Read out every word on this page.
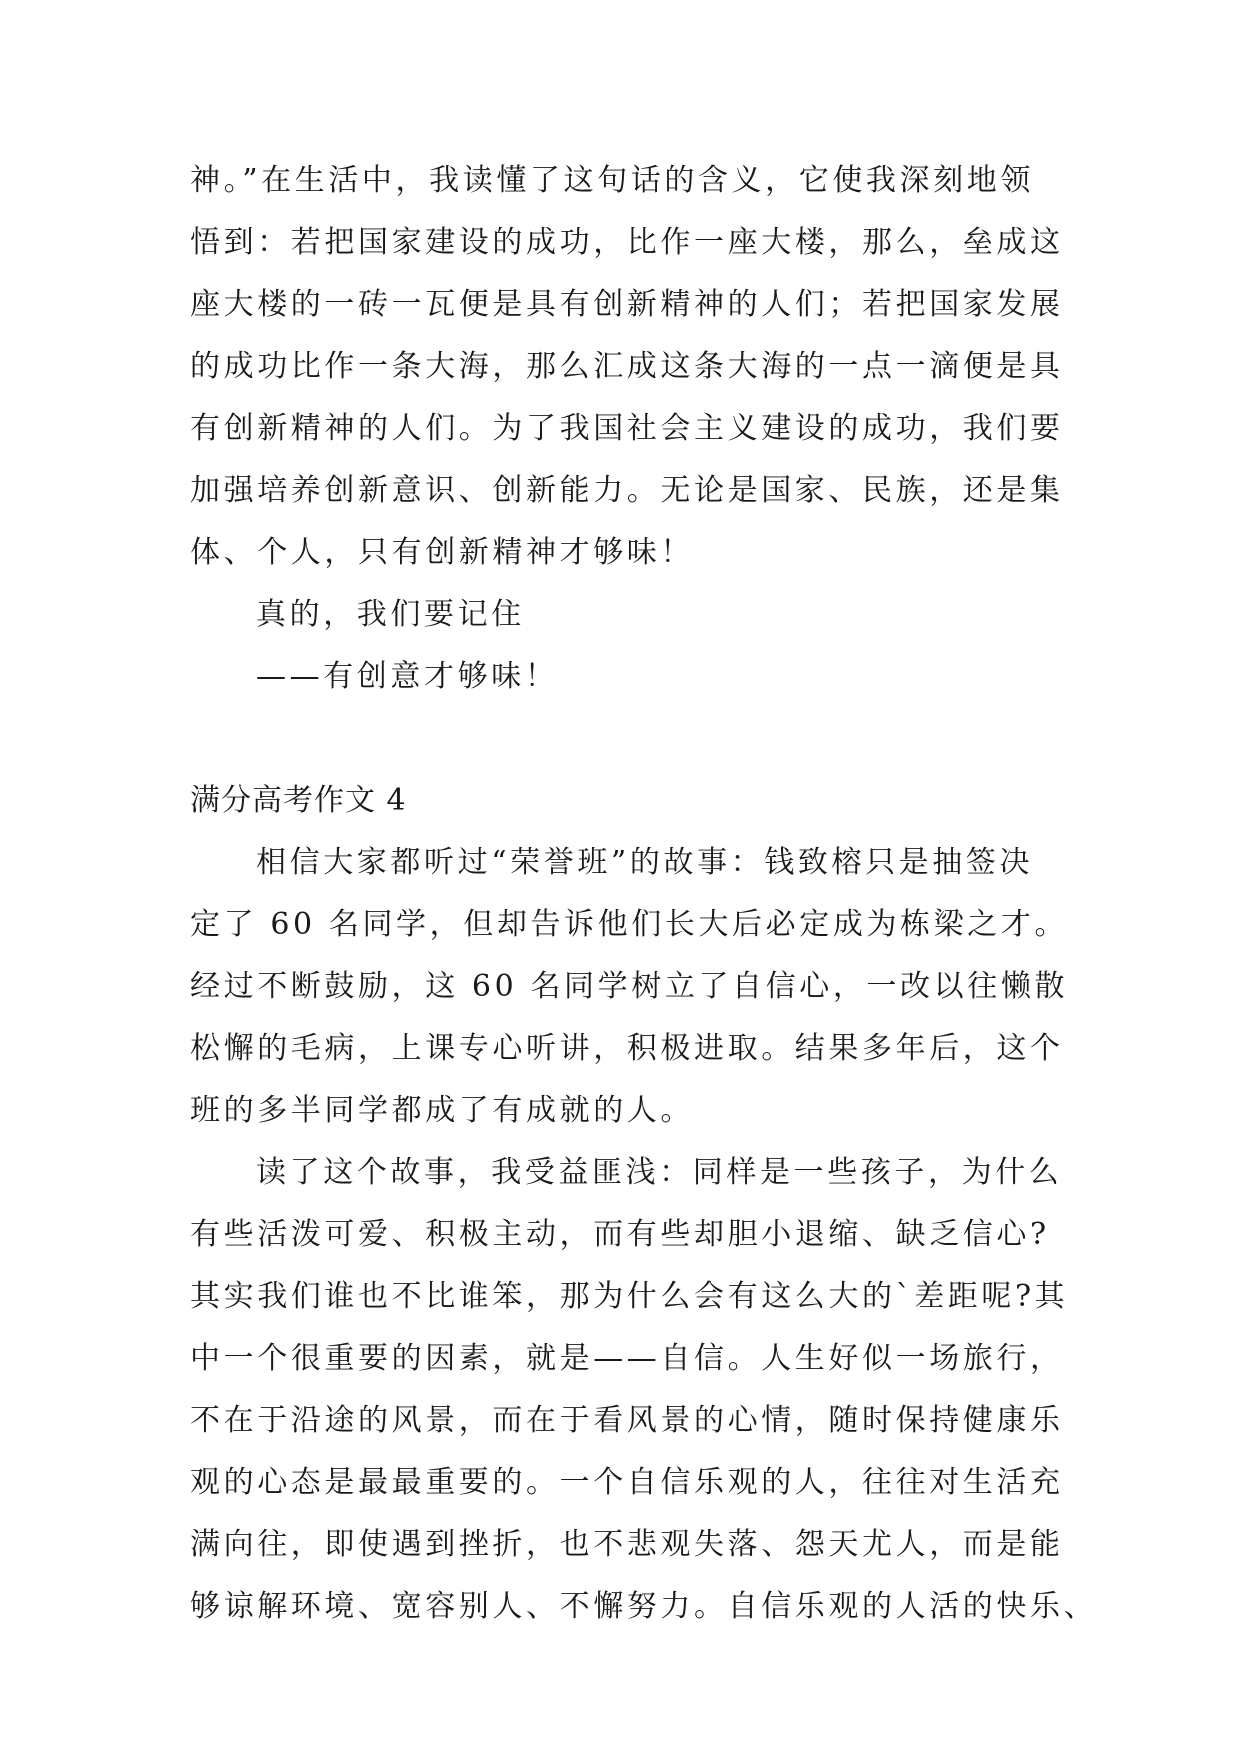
神。”在生活中，我读懂了这句话的含义，它使我深刻地领
悟到：若把国家建设的成功，比作一座大楼，那么，垒成这
座大楼的一砖一瓦便是具有创新精神的人们；若把国家发展
的成功比作一条大海，那么汇成这条大海的一点一滴便是具
有创新精神的人们。为了我国社会主义建设的成功，我们要
加强培养创新意识、创新能力。无论是国家、民族，还是集
体、个人，只有创新精神才够味！
真的，我们要记住
——有创意才够味！
满分高考作文 4
相信大家都听过“荣誉班”的故事：钱致榕只是抽签决
定了 60 名同学，但却告诉他们长大后必定成为栋梁之才。
经过不断鼓励，这 60 名同学树立了自信心，一改以往懒散
松懈的毛病，上课专心听讲，积极进取。结果多年后，这个
班的多半同学都成了有成就的人。
读了这个故事，我受益匪浅：同样是一些孩子，为什么
有些活泼可爱、积极主动，而有些却胆小退缩、缺乏信心?
其实我们谁也不比谁笨，那为什么会有这么大的`差距呢?其
中一个很重要的因素，就是——自信。人生好似一场旅行，
不在于沿途的风景，而在于看风景的心情，随时保持健康乐
观的心态是最最重要的。一个自信乐观的人，往往对生活充
满向往，即使遇到挫折，也不悲观失落、怨天尤人，而是能
够谅解环境、宽容别人、不懈努力。自信乐观的人活的快乐、
